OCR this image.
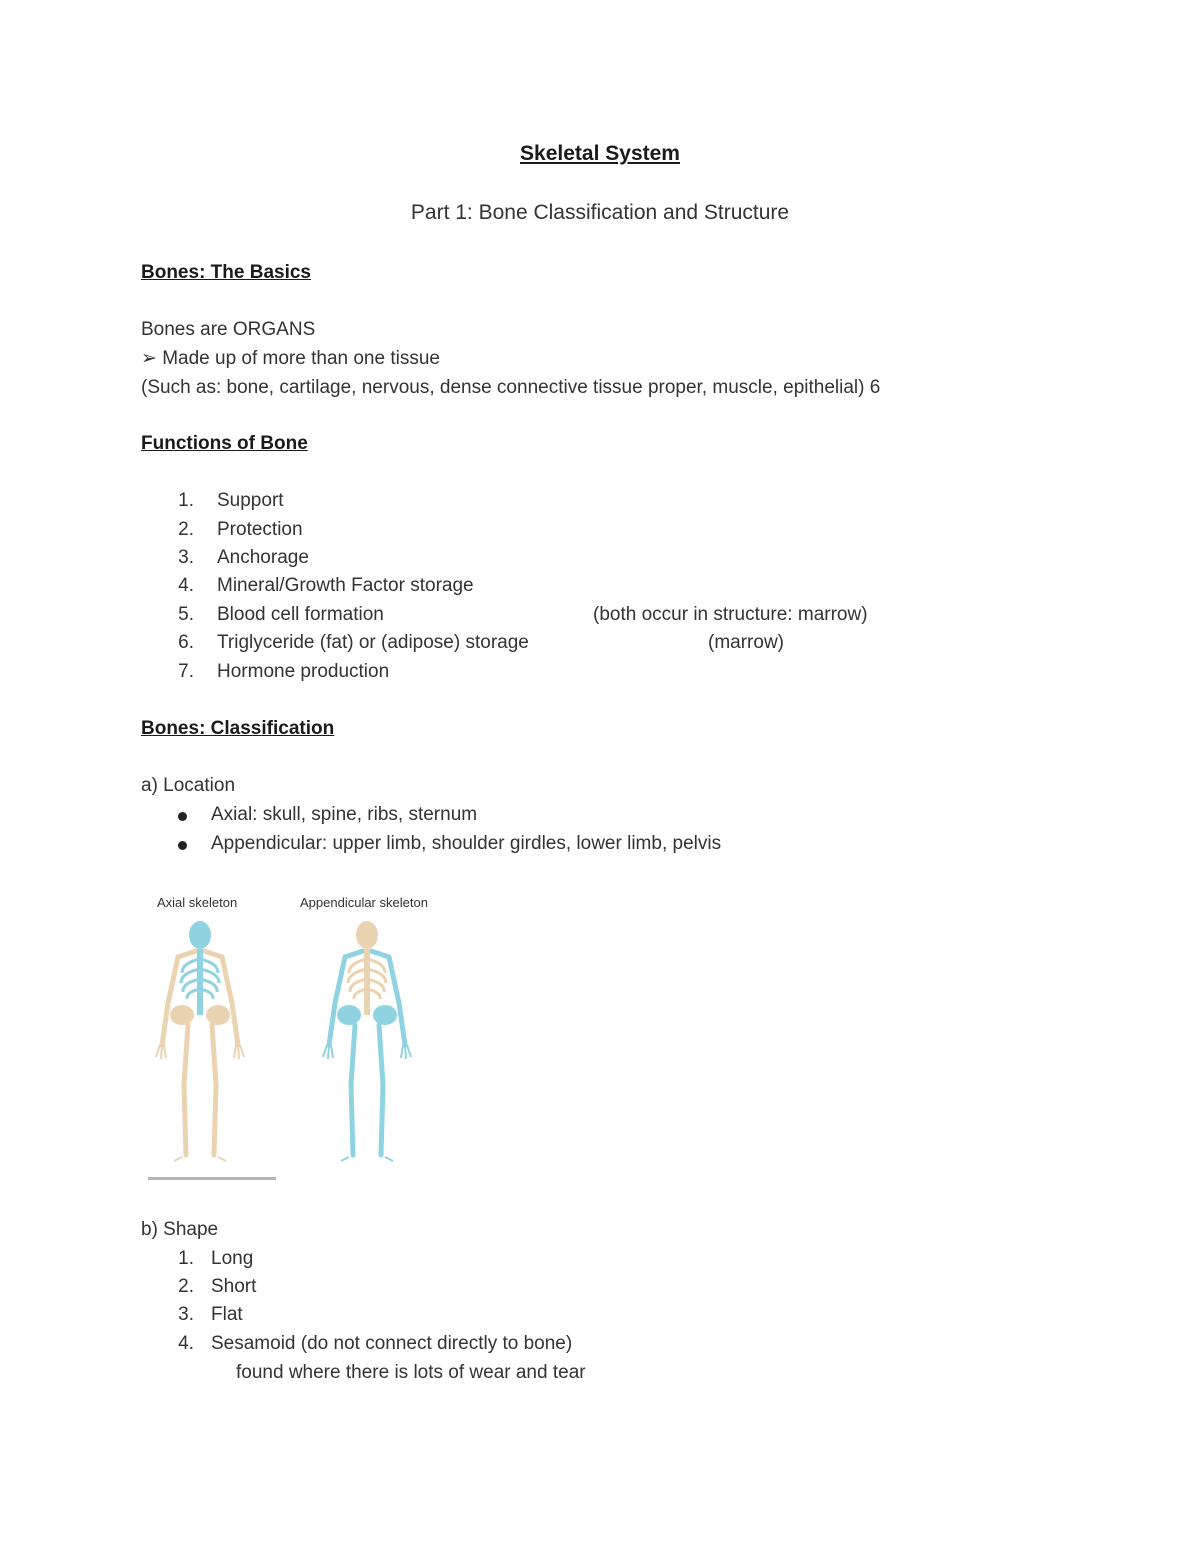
Skeletal System
Part 1: Bone Classification and Structure
Bones: The Basics
Bones are ORGANS
➢ Made up of more than one tissue
(Such as: bone, cartilage, nervous, dense connective tissue proper, muscle, epithelial) 6
Functions of Bone
1. Support
2. Protection
3. Anchorage
4. Mineral/Growth Factor storage
5. Blood cell formation	(both occur in structure: marrow)
6. Triglyceride (fat) or (adipose) storage	(marrow)
7. Hormone production
Bones: Classification
a) Location
Axial: skull, spine, ribs, sternum
Appendicular: upper limb, shoulder girdles, lower limb, pelvis
Axial skeleton	Appendicular skeleton
b) Shape
1. Long
2. Short
3. Flat
4. Sesamoid (do not connect directly to bone)
found where there is lots of wear and tear
